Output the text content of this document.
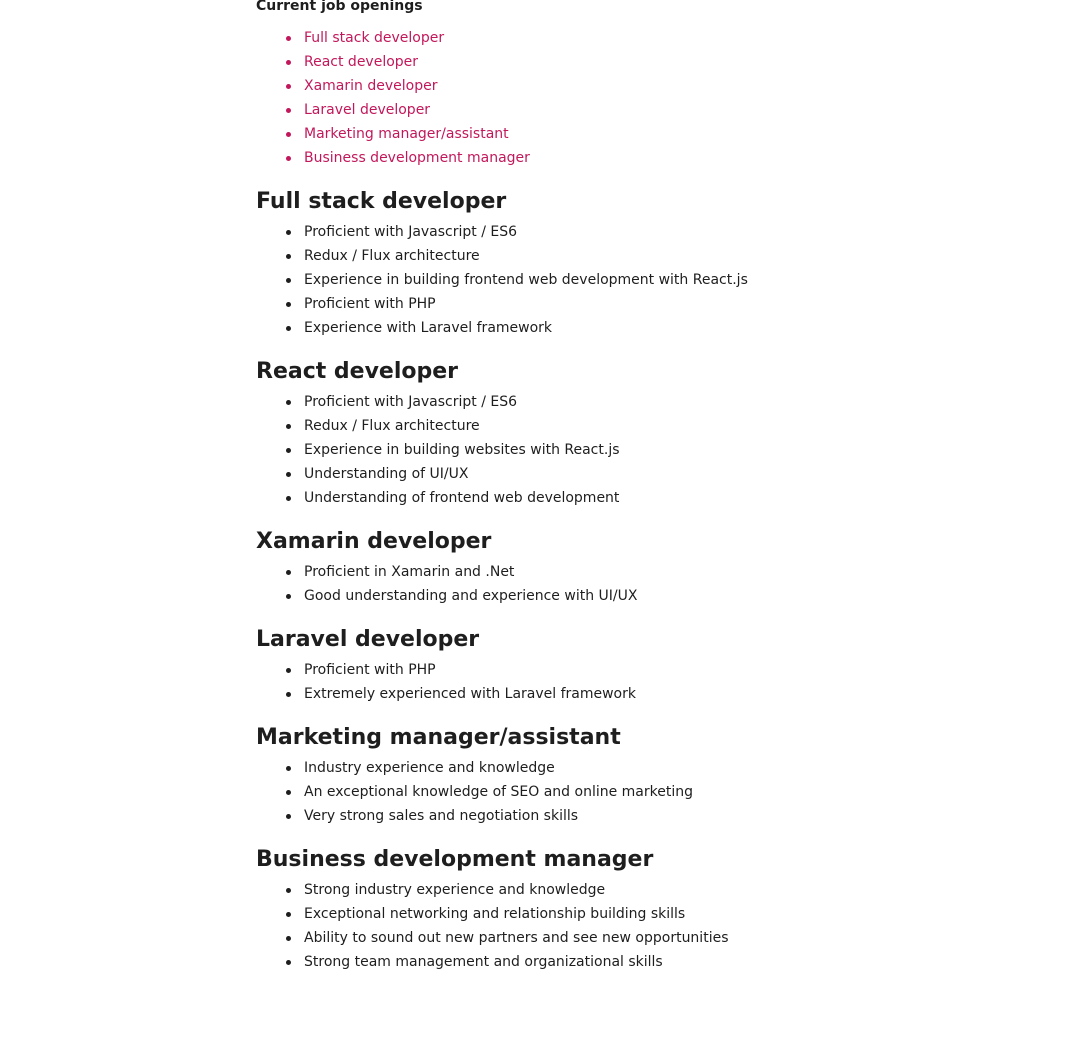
Current job openings
Full stack developer
React developer
Xamarin developer
Laravel developer
Marketing manager/assistant
Business development manager
Full stack developer
Proficient with Javascript / ES6
Redux / Flux architecture
Experience in building frontend web development with React.js
Proficient with PHP
Experience with Laravel framework
React developer
Proficient with Javascript / ES6
Redux / Flux architecture
Experience in building websites with React.js
Understanding of UI/UX
Understanding of frontend web development
Xamarin developer
Proficient in Xamarin and .Net
Good understanding and experience with UI/UX
Laravel developer
Proficient with PHP
Extremely experienced with Laravel framework
Marketing manager/assistant
Industry experience and knowledge
An exceptional knowledge of SEO and online marketing
Very strong sales and negotiation skills
Business development manager
Strong industry experience and knowledge
Exceptional networking and relationship building skills
Ability to sound out new partners and see new opportunities
Strong team management and organizational skills
